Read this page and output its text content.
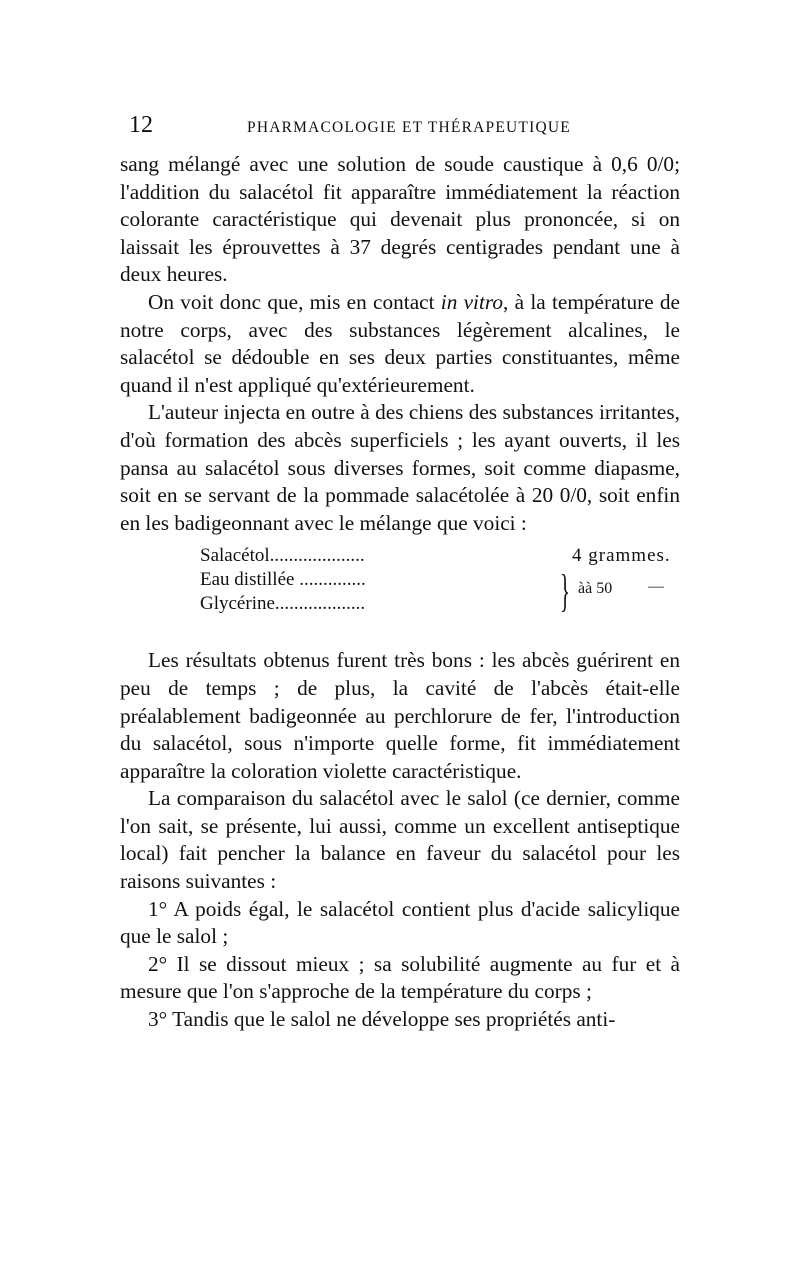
12	PHARMACOLOGIE ET THÉRAPEUTIQUE

sang mélangé avec une solution de soude caustique à 0,6 0/0; l'addition du salacétol fit apparaître immédiatement la réaction colorante caractéristique qui devenait plus prononcée, si on laissait les éprouvettes à 37 degrés centigrades pendant une à deux heures.

On voit donc que, mis en contact in vitro, à la température de notre corps, avec des substances légèrement alcalines, le salacétol se dédouble en ses deux parties constituantes, même quand il n'est appliqué qu'extérieurement.

L'auteur injecta en outre à des chiens des substances irritantes, d'où formation des abcès superficiels ; les ayant ouverts, il les pansa au salacétol sous diverses formes, soit comme diapasme, soit en se servant de la pommade salacétolée à 20 0/0, soit enfin en les badigeonnant avec le mélange que voici :

Salacétol....................
Eau distillée ..............
Glycérine...................
4 grammes.
} àà 50 —

Les résultats obtenus furent très bons : les abcès guérirent en peu de temps ; de plus, la cavité de l'abcès était-elle préalablement badigeonnée au perchlorure de fer, l'introduction du salacétol, sous n'importe quelle forme, fit immédiatement apparaître la coloration violette caractéristique.

La comparaison du salacétol avec le salol (ce dernier, comme l'on sait, se présente, lui aussi, comme un excellent antiseptique local) fait pencher la balance en faveur du salacétol pour les raisons suivantes :

1° A poids égal, le salacétol contient plus d'acide salicylique que le salol ;

2° Il se dissout mieux ; sa solubilité augmente au fur et à mesure que l'on s'approche de la température du corps ;

3° Tandis que le salol ne développe ses propriétés anti-
